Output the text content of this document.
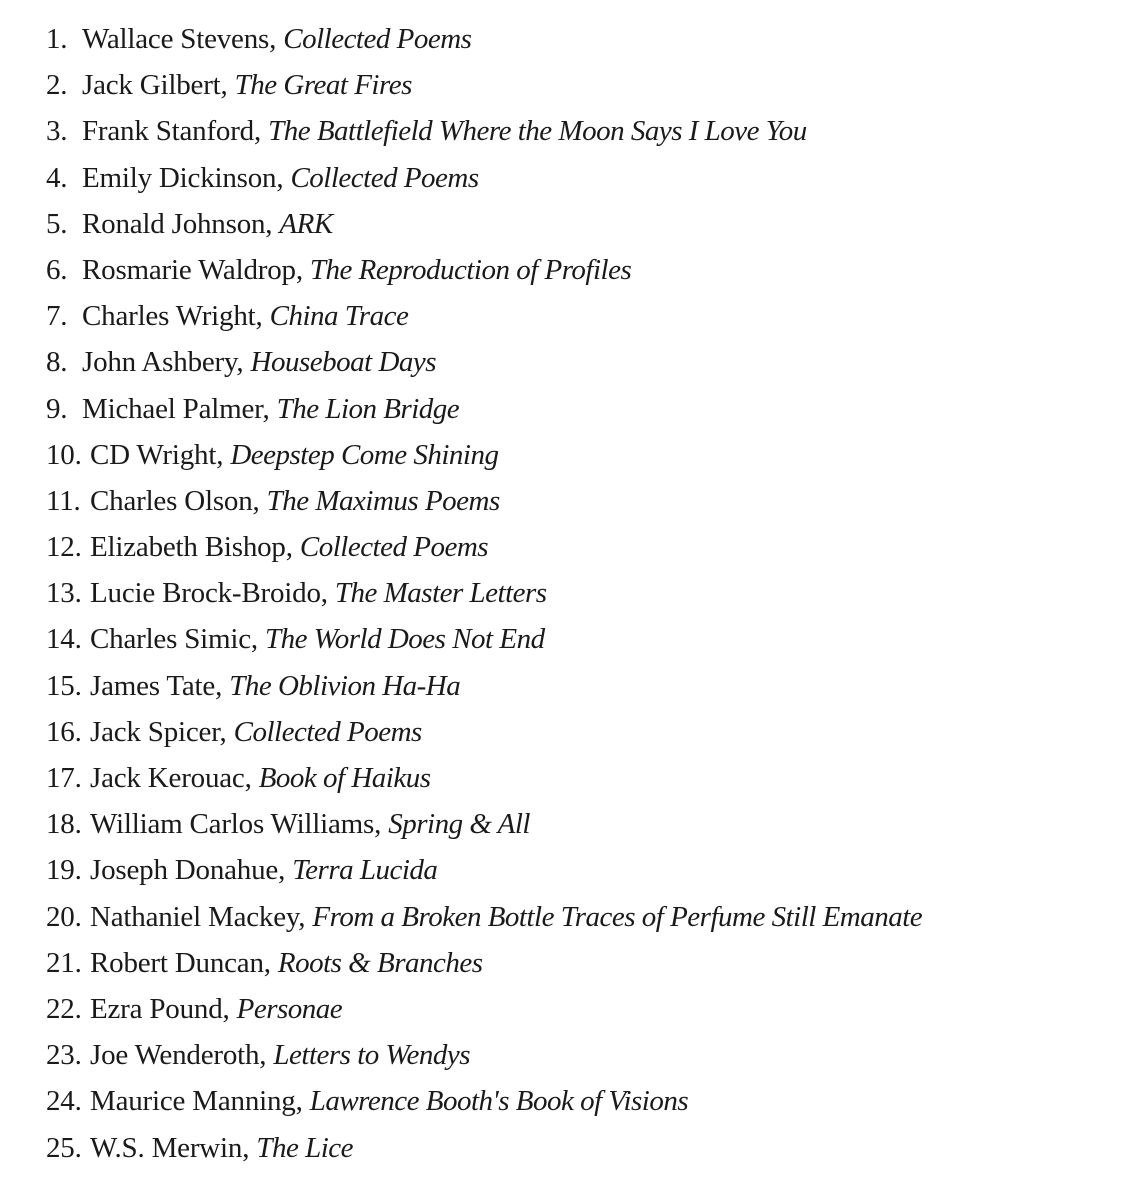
1. Wallace Stevens, Collected Poems
2. Jack Gilbert, The Great Fires
3. Frank Stanford, The Battlefield Where the Moon Says I Love You
4. Emily Dickinson, Collected Poems
5. Ronald Johnson, ARK
6. Rosmarie Waldrop, The Reproduction of Profiles
7. Charles Wright, China Trace
8. John Ashbery, Houseboat Days
9. Michael Palmer, The Lion Bridge
10. CD Wright, Deepstep Come Shining
11. Charles Olson, The Maximus Poems
12. Elizabeth Bishop, Collected Poems
13. Lucie Brock-Broido, The Master Letters
14. Charles Simic, The World Does Not End
15. James Tate, The Oblivion Ha-Ha
16. Jack Spicer, Collected Poems
17. Jack Kerouac, Book of Haikus
18. William Carlos Williams, Spring & All
19. Joseph Donahue, Terra Lucida
20. Nathaniel Mackey, From a Broken Bottle Traces of Perfume Still Emanate
21. Robert Duncan, Roots & Branches
22. Ezra Pound, Personae
23. Joe Wenderoth, Letters to Wendys
24. Maurice Manning, Lawrence Booth's Book of Visions
25. W.S. Merwin, The Lice
